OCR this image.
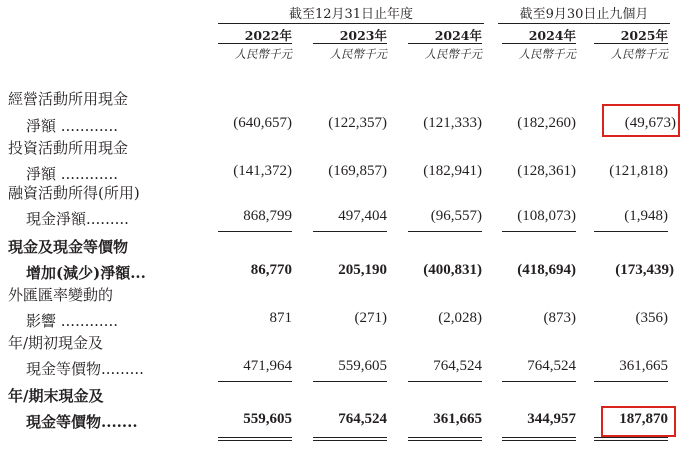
截至12月31日止年度	截至9月30日止九個月
2022年	2023年	2024年	2024年	2025年
人民幣千元	人民幣千元	人民幣千元	人民幣千元	人民幣千元
經營活動所用現金
淨額 ............	(640,657)	(122,357)	(121,333)	(182,260)	(49,673)
投資活動所用現金
淨額 ............	(141,372)	(169,857)	(182,941)	(128,361)	(121,818)
融資活動所得(所用)
現金淨額.........	868,799	497,404	(96,557)	(108,073)	(1,948)
現金及現金等價物
增加(減少)淨額...	86,770	205,190	(400,831)	(418,694)	(173,439)
外匯匯率變動的
影響 ............	871	(271)	(2,028)	(873)	(356)
年/期初現金及
現金等價物.........	471,964	559,605	764,524	764,524	361,665
年/期末現金及
現金等價物.......	559,605	764,524	361,665	344,957	187,870
